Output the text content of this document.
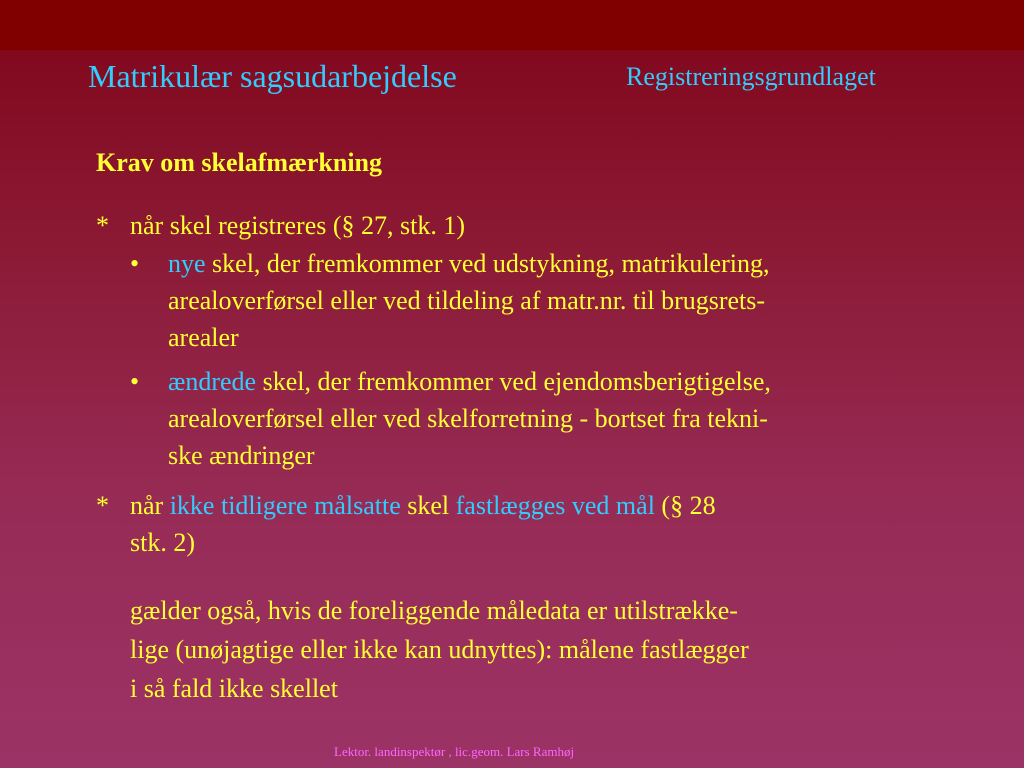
Matrikulær sagsudarbejdelse	Registreringsgrundlaget
Krav om skelafmærkning
* når skel registreres (§ 27, stk. 1)
• nye skel, der fremkommer ved udstykning, matrikulering,
arealoverførsel eller ved tildeling af matr.nr. til brugsrets-
arealer
• ændrede skel, der fremkommer ved ejendomsberigtigelse,
arealoverførsel eller ved skelforretning - bortset fra tekni-
ske ændringer
* når ikke tidligere målsatte skel fastlægges ved mål (§ 28
stk. 2)
gælder også, hvis de foreliggende måledata er utilstrække-
lige (unøjagtige eller ikke kan udnyttes): målene fastlægger
i så fald ikke skellet
Lektor. landinspektør , lic.geom. Lars Ramhøj
